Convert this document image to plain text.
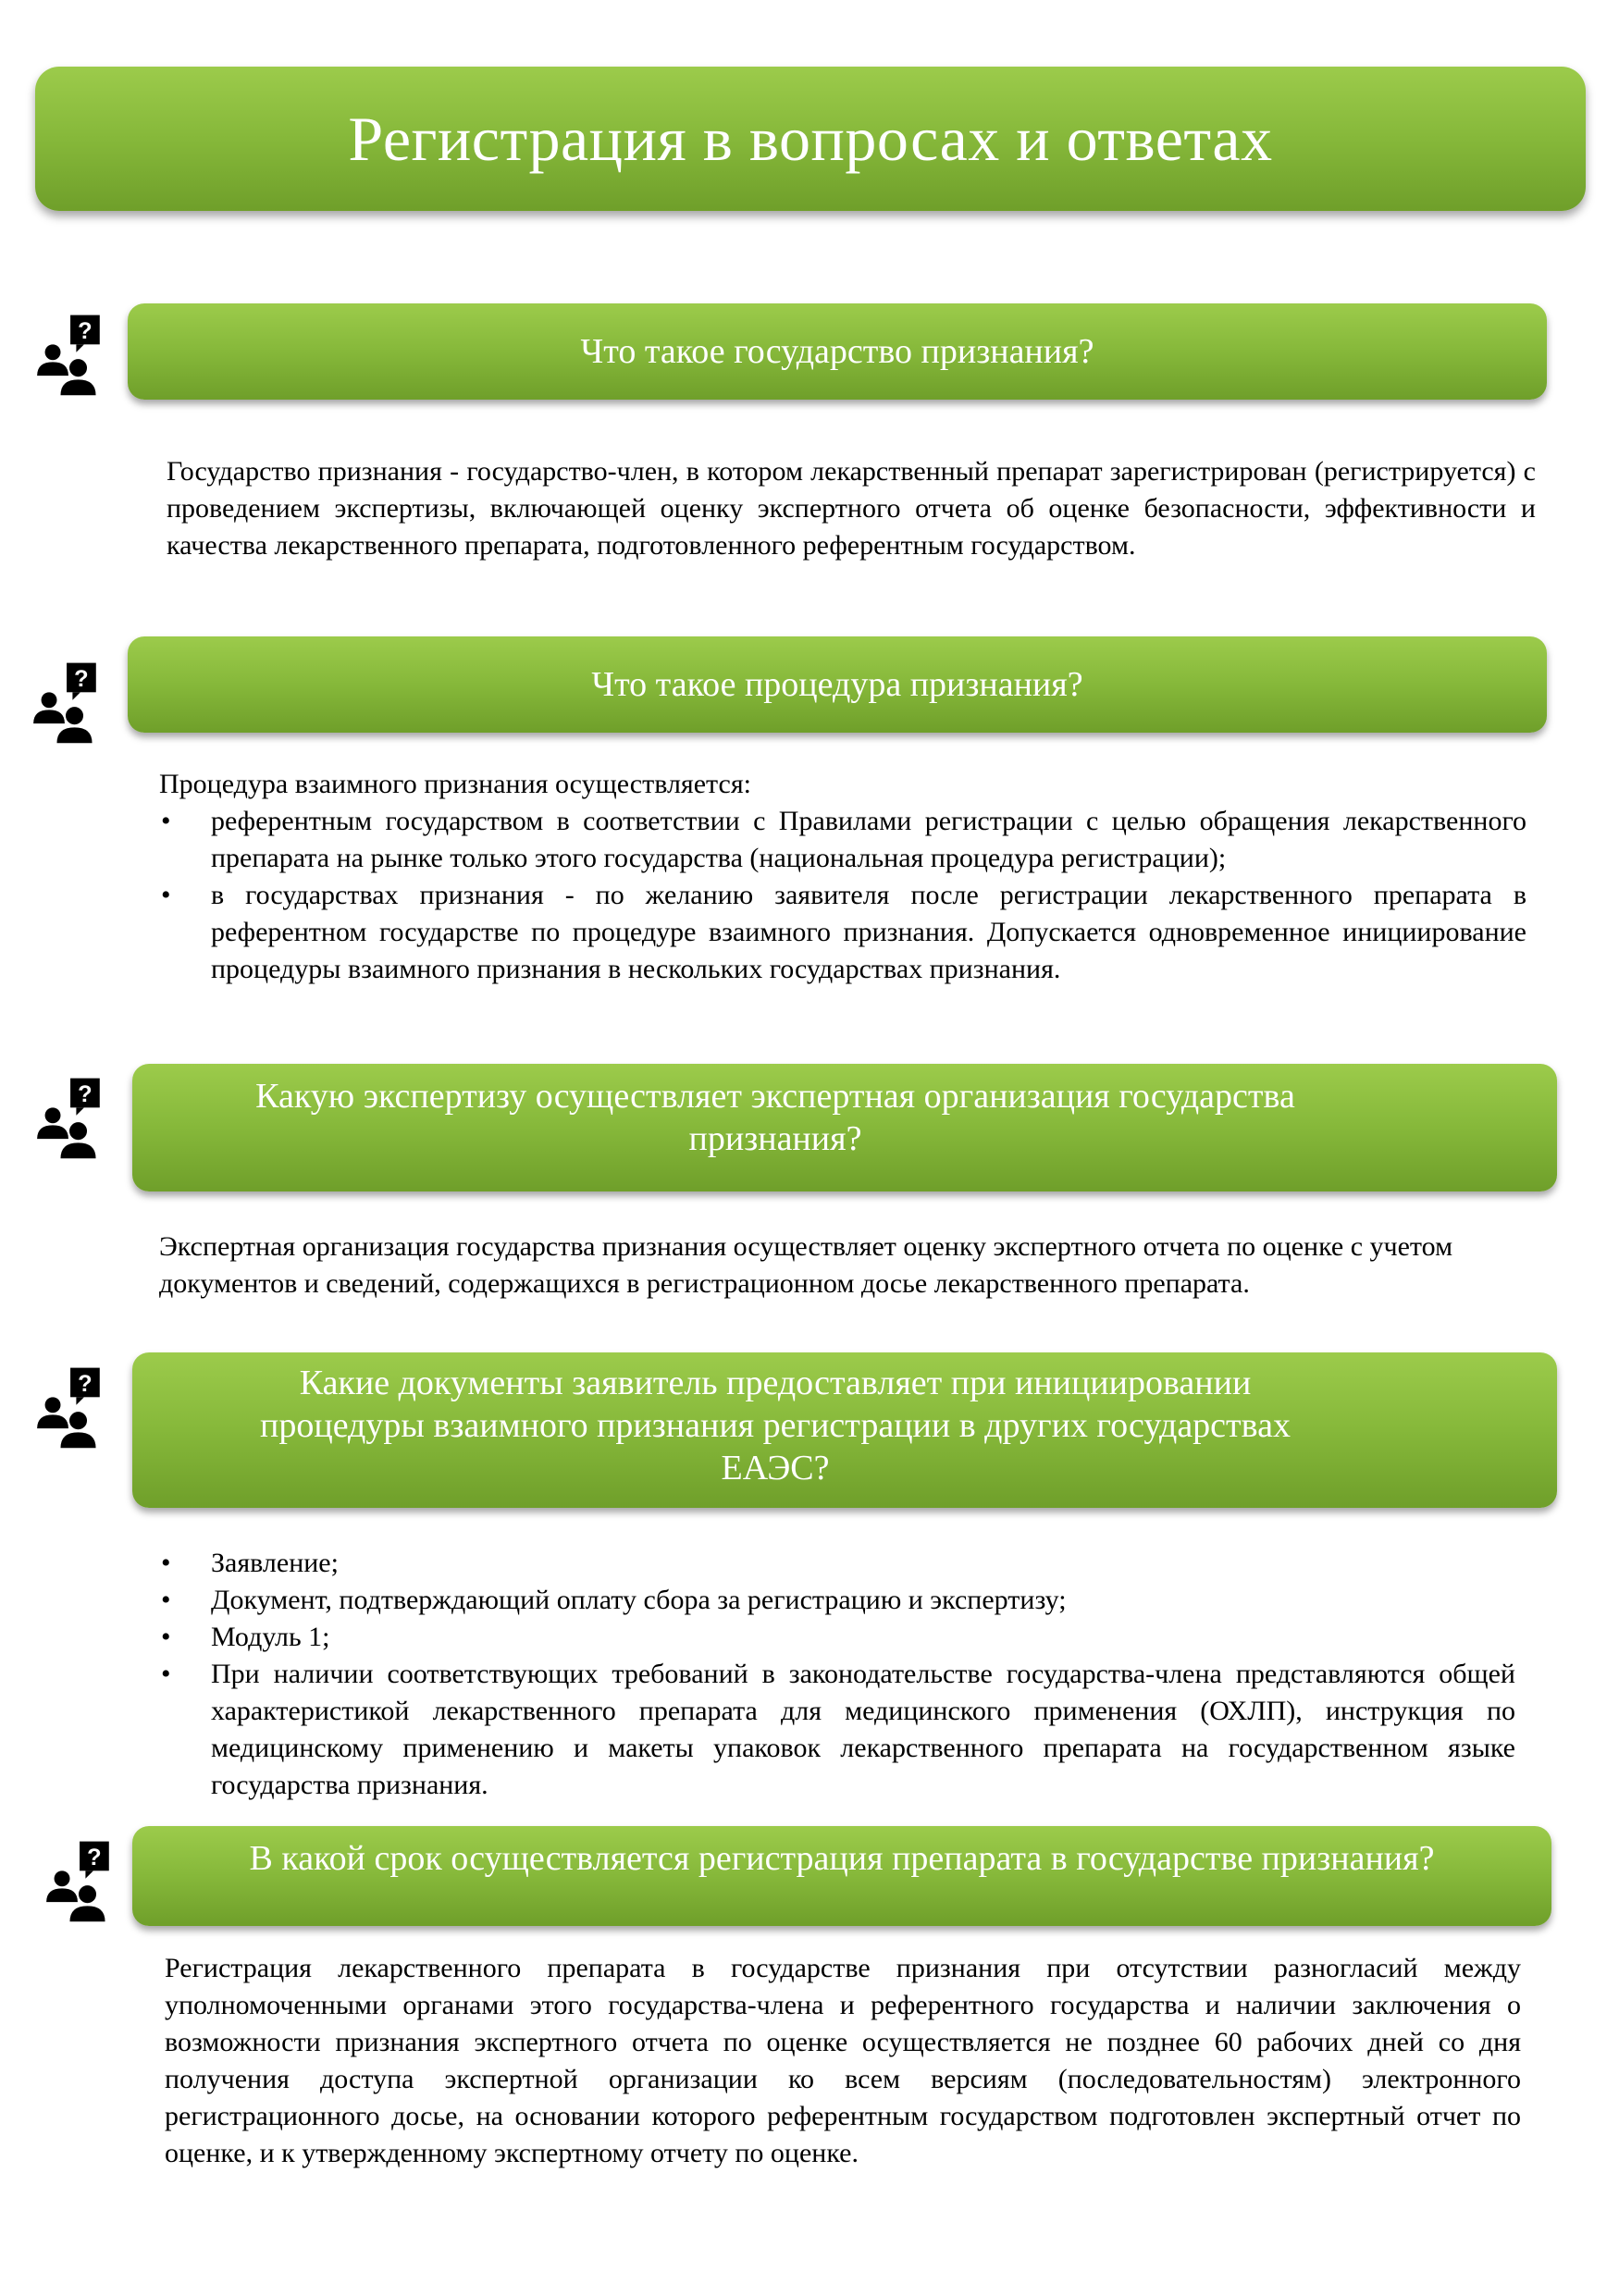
Регистрация в вопросах и ответах
Что такое государство признания?

Государство признания - государство-член, в котором лекарственный препарат зарегистрирован (регистрируется) с проведением экспертизы, включающей оценку экспертного отчета об оценке безопасности, эффективности и качества лекарственного препарата, подготовленного референтным государством.

Что такое процедура признания?

Процедура взаимного признания осуществляется:

• референтным государством в соответствии с Правилами регистрации с целью обращения лекарственного препарата на рынке только этого государства (национальная процедура регистрации);
• в государствах признания - по желанию заявителя после регистрации лекарственного препарата в референтном государстве по процедуре взаимного признания. Допускается одновременное инициирование процедуры взаимного признания в нескольких государствах признания.
Какую экспертизу осуществляет экспертная организация государства
признания?

Экспертная организация государства признания осуществляет оценку экспертного отчета по оценке с учетом документов и сведений, содержащихся в регистрационном досье лекарственного препарата.

Какие документы заявитель предоставляет при инициировании
процедуры взаимного признания регистрации в других государствах
ЕАЭС?
• Заявление;
• Документ, подтверждающий оплату сбора за регистрацию и экспертизу;
• Модуль 1;
• При наличии соответствующих требований в законодательстве государства-члена представляются общей характеристикой лекарственного препарата для медицинского применения (ОХЛП), инструкция по медицинскому применению и макеты упаковок лекарственного препарата на государственном языке государства признания.
В какой срок осуществляется регистрация препарата в государстве признания?

Регистрация лекарственного препарата в государстве признания при отсутствии разногласий между уполномоченными органами этого государства-члена и референтного государства и наличии заключения о возможности признания экспертного отчета по оценке осуществляется не позднее 60 рабочих дней со дня получения доступа экспертной организации ко всем версиям (последовательностям) электронного регистрационного досье, на основании которого референтным государством подготовлен экспертный отчет по оценке, и к утвержденному экспертному отчету по оценке.
